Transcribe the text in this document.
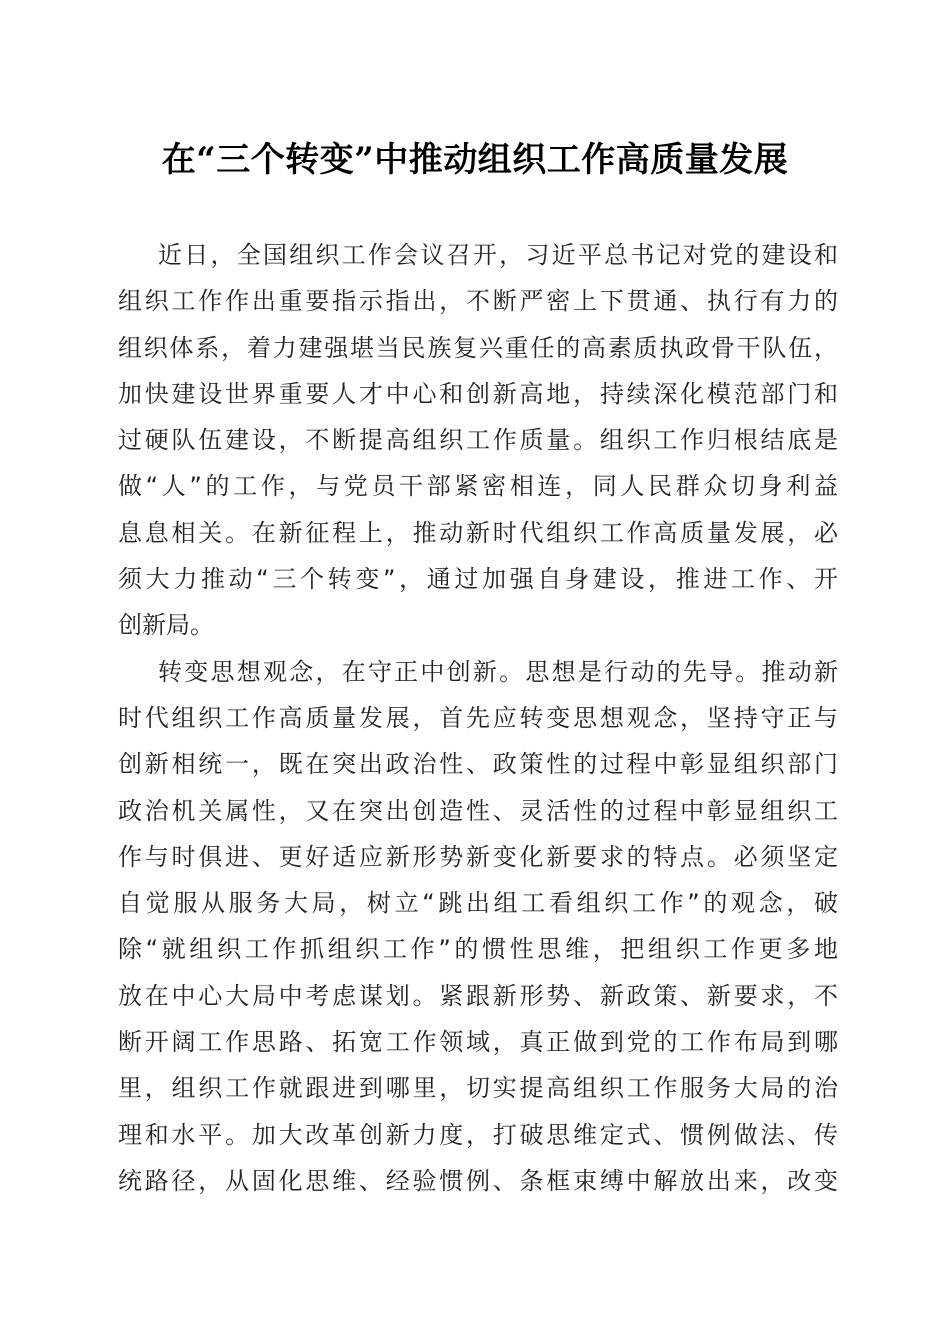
在“三个转变”中推动组织工作高质量发展
近日，全国组织工作会议召开，习近平总书记对党的建设和
组织工作作出重要指示指出，不断严密上下贯通、执行有力的
组织体系，着力建强堪当民族复兴重任的高素质执政骨干队伍，
加快建设世界重要人才中心和创新高地，持续深化模范部门和
过硬队伍建设，不断提高组织工作质量。组织工作归根结底是
做“人”的工作，与党员干部紧密相连，同人民群众切身利益
息息相关。在新征程上，推动新时代组织工作高质量发展，必
须大力推动“三个转变”，通过加强自身建设，推进工作、开
创新局。
转变思想观念，在守正中创新。思想是行动的先导。推动新
时代组织工作高质量发展，首先应转变思想观念，坚持守正与
创新相统一，既在突出政治性、政策性的过程中彰显组织部门
政治机关属性，又在突出创造性、灵活性的过程中彰显组织工
作与时俱进、更好适应新形势新变化新要求的特点。必须坚定
自觉服从服务大局，树立“跳出组工看组织工作”的观念，破
除“就组织工作抓组织工作”的惯性思维，把组织工作更多地
放在中心大局中考虑谋划。紧跟新形势、新政策、新要求，不
断开阔工作思路、拓宽工作领域，真正做到党的工作布局到哪
里，组织工作就跟进到哪里，切实提高组织工作服务大局的治
理和水平。加大改革创新力度，打破思维定式、惯例做法、传
统路径，从固化思维、经验惯例、条框束缚中解放出来，改变
